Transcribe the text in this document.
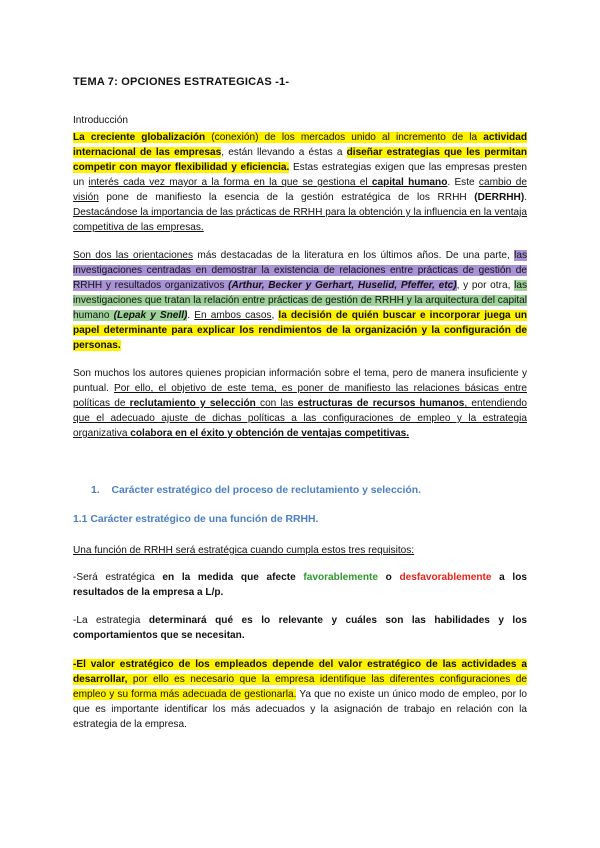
TEMA 7: OPCIONES ESTRATEGICAS -1-
Introducción
La creciente globalización (conexión) de los mercados unido al incremento de la actividad internacional de las empresas, están llevando a éstas a diseñar estrategias que les permitan competir con mayor flexibilidad y eficiencia. Estas estrategias exigen que las empresas presten un interés cada vez mayor a la forma en la que se gestiona el capital humano. Este cambio de visión pone de manifiesto la esencia de la gestión estratégica de los RRHH (DERRHH). Destacándose la importancia de las prácticas de RRHH para la obtención y la influencia en la ventaja competitiva de las empresas.
Son dos las orientaciones más destacadas de la literatura en los últimos años. De una parte, las investigaciones centradas en demostrar la existencia de relaciones entre prácticas de gestión de RRHH y resultados organizativos (Arthur, Becker y Gerhart, Huselid, Pfeffer, etc), y por otra, las investigaciones que tratan la relación entre prácticas de gestión de RRHH y la arquitectura del capital humano (Lepak y Snell). En ambos casos, la decisión de quién buscar e incorporar juega un papel determinante para explicar los rendimientos de la organización y la configuración de personas.
Son muchos los autores quienes propician información sobre el tema, pero de manera insuficiente y puntual. Por ello, el objetivo de este tema, es poner de manifiesto las relaciones básicas entre políticas de reclutamiento y selección con las estructuras de recursos humanos, entendiendo que el adecuado ajuste de dichas políticas a las configuraciones de empleo y la estrategia organizativa colabora en el éxito y obtención de ventajas competitivas.
1. Carácter estratégico del proceso de reclutamiento y selección.
1.1 Carácter estratégico de una función de RRHH.
Una función de RRHH será estratégica cuando cumpla estos tres requisitos:
-Será estratégica en la medida que afecte favorablemente o desfavorablemente a los resultados de la empresa a L/p.
-La estrategia determinará qué es lo relevante y cuáles son las habilidades y los comportamientos que se necesitan.
-El valor estratégico de los empleados depende del valor estratégico de las actividades a desarrollar, por ello es necesario que la empresa identifique las diferentes configuraciones de empleo y su forma más adecuada de gestionarla. Ya que no existe un único modo de empleo, por lo que es importante identificar los más adecuados y la asignación de trabajo en relación con la estrategia de la empresa.
